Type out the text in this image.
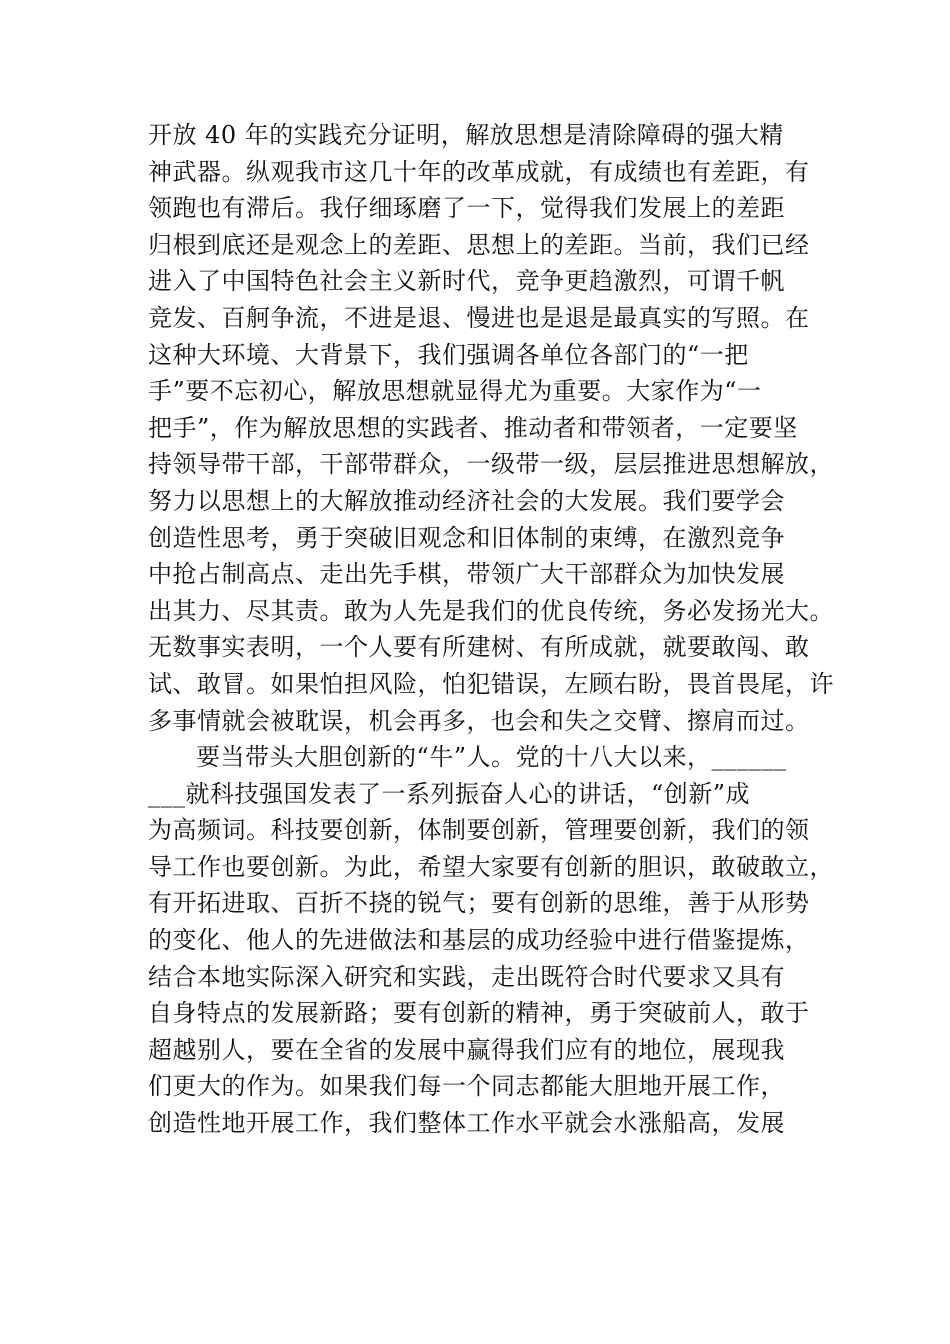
开放 40 年的实践充分证明，解放思想是清除障碍的强大精
神武器。纵观我市这几十年的改革成就，有成绩也有差距，有
领跑也有滞后。我仔细琢磨了一下，觉得我们发展上的差距
归根到底还是观念上的差距、思想上的差距。当前，我们已经
进入了中国特色社会主义新时代，竞争更趋激烈，可谓千帆
竞发、百舸争流，不进是退、慢进也是退是最真实的写照。在
这种大环境、大背景下，我们强调各单位各部门的“一把
手”要不忘初心，解放思想就显得尤为重要。大家作为“一
把手”，作为解放思想的实践者、推动者和带领者，一定要坚
持领导带干部，干部带群众，一级带一级，层层推进思想解放，
努力以思想上的大解放推动经济社会的大发展。我们要学会
创造性思考，勇于突破旧观念和旧体制的束缚，在激烈竞争
中抢占制高点、走出先手棋，带领广大干部群众为加快发展
出其力、尽其责。敢为人先是我们的优良传统，务必发扬光大。
无数事实表明，一个人要有所建树、有所成就，就要敢闯、敢
试、敢冒。如果怕担风险，怕犯错误，左顾右盼，畏首畏尾，许
多事情就会被耽误，机会再多，也会和失之交臂、擦肩而过。
要当带头大胆创新的“牛”人。党的十八大以来，______
___就科技强国发表了一系列振奋人心的讲话，“创新”成
为高频词。科技要创新，体制要创新，管理要创新，我们的领
导工作也要创新。为此，希望大家要有创新的胆识，敢破敢立，
有开拓进取、百折不挠的锐气；要有创新的思维，善于从形势
的变化、他人的先进做法和基层的成功经验中进行借鉴提炼，
结合本地实际深入研究和实践，走出既符合时代要求又具有
自身特点的发展新路；要有创新的精神，勇于突破前人，敢于
超越别人，要在全省的发展中赢得我们应有的地位，展现我
们更大的作为。如果我们每一个同志都能大胆地开展工作，
创造性地开展工作，我们整体工作水平就会水涨船高，发展
